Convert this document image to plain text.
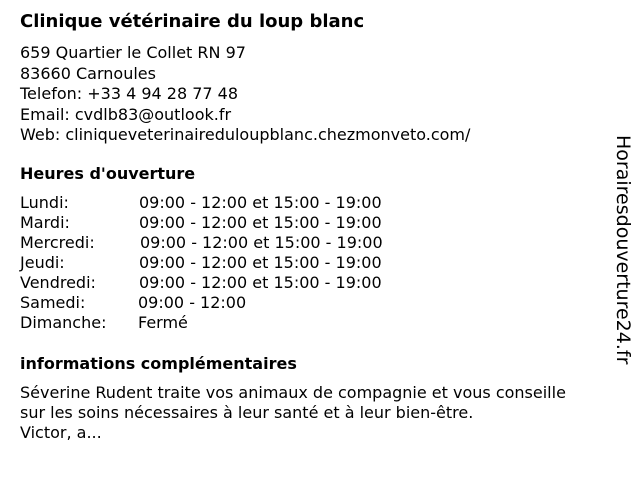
Clinique vétérinaire du loup blanc
659 Quartier le Collet RN 97
83660 Carnoules
Telefon: +33 4 94 28 77 48
Email: cvdlb83@outlook.fr
Web: cliniqueveterinaireduloupblanc.chezmonveto.com/
Heures d'ouverture
Lundi:	09:00 - 12:00 et 15:00 - 19:00
Mardi:	09:00 - 12:00 et 15:00 - 19:00
Mercredi:	09:00 - 12:00 et 15:00 - 19:00
Jeudi:	09:00 - 12:00 et 15:00 - 19:00
Vendredi:	09:00 - 12:00 et 15:00 - 19:00
Samedi:	09:00 - 12:00
Dimanche: Fermé
informations complémentaires
Séverine Rudent traite vos animaux de compagnie et vous conseille
sur les soins nécessaires à leur santé et à leur bien-être.
Victor, a...
Horairesdouverture24.fr
